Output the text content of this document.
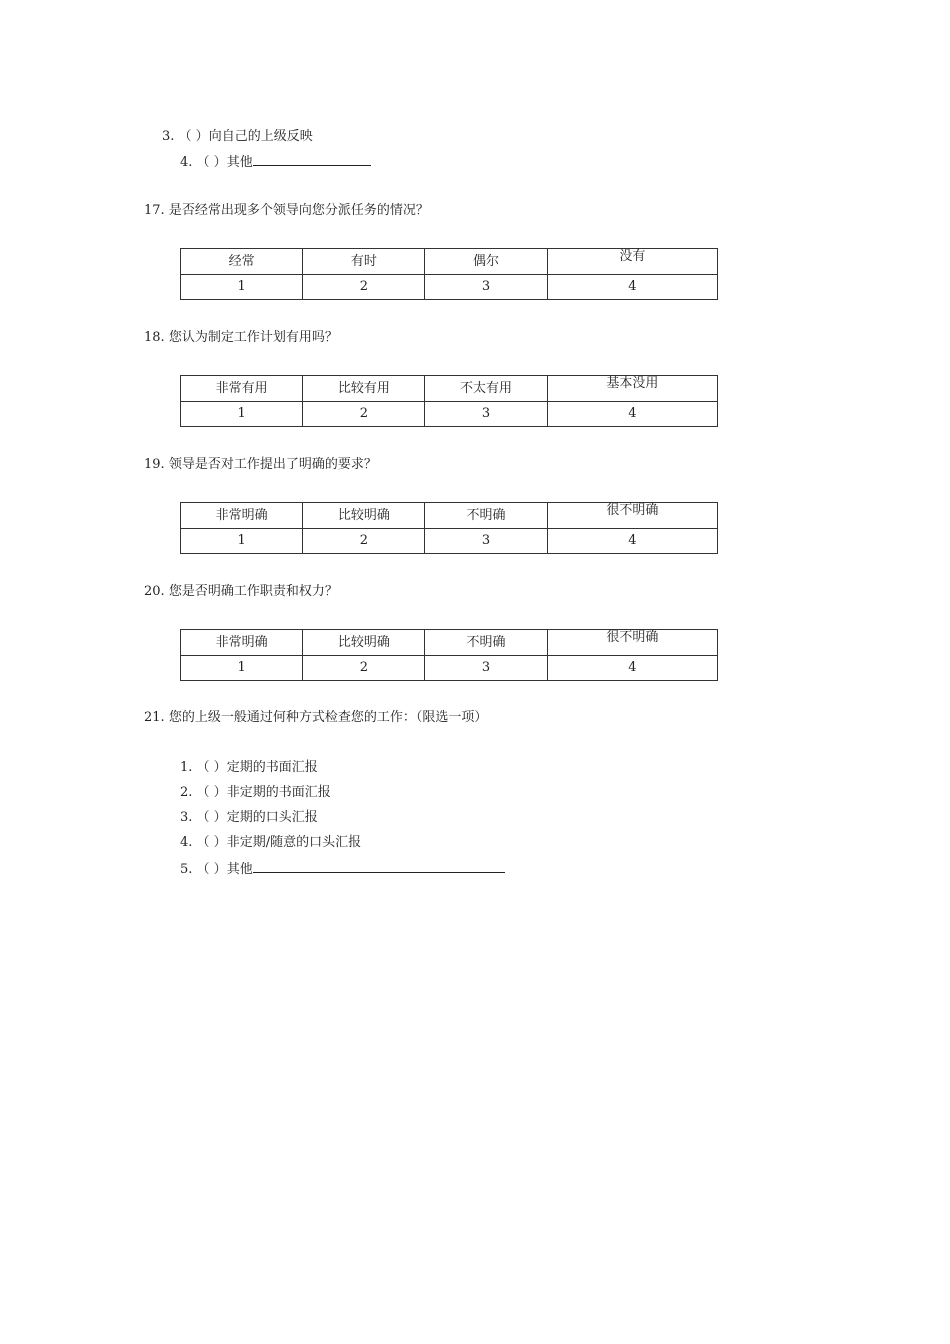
3. （ ）向自己的上级反映
4. （ ）其他
17. 是否经常出现多个领导向您分派任务的情况？
经常	有时	偶尔	没有
1	2	3	4
18. 您认为制定工作计划有用吗？
非常有用	比较有用	不太有用	基本没用
1	2	3	4
19. 领导是否对工作提出了明确的要求？
非常明确	比较明确	不明确	很不明确
1	2	3	4
20. 您是否明确工作职责和权力？
非常明确	比较明确	不明确	很不明确
1	2	3	4
21. 您的上级一般通过何种方式检查您的工作：（限选一项）
1. （ ）定期的书面汇报
2. （ ）非定期的书面汇报
3. （ ）定期的口头汇报
4. （ ）非定期/随意的口头汇报
5. （ ）其他
